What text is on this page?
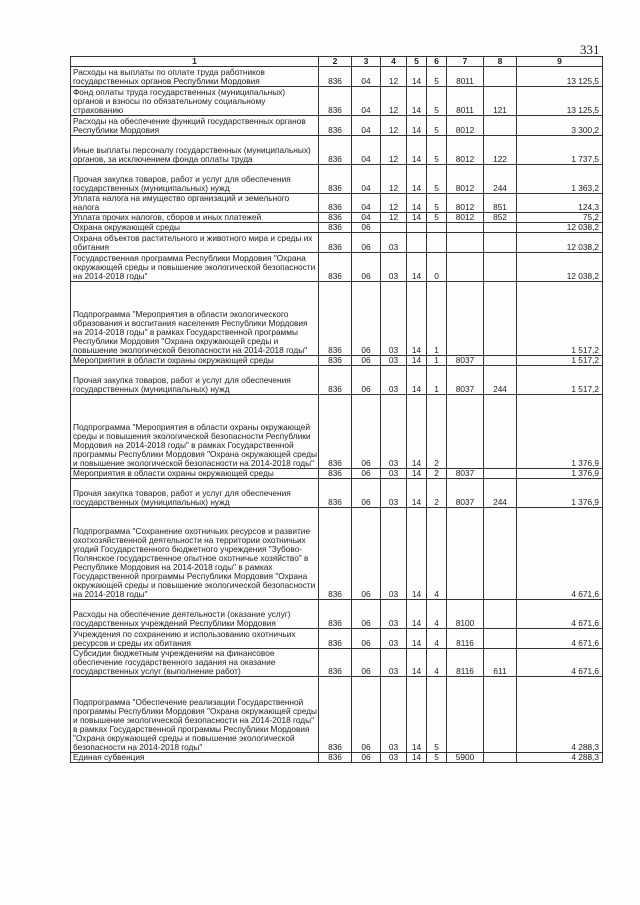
331
1	2	3	4	5	6	7	8	9
Расходы на выплаты по оплате труда работников государственных органов Республики Мордовия	836	04	12	14	5	8011		13 125,5
Фонд оплаты труда государственных (муниципальных) органов и взносы по обязательному социальному страхованию	836	04	12	14	5	8011	121	13 125,5
Расходы на обеспечение функций государственных органов Республики Мордовия	836	04	12	14	5	8012		3 300,2
Иные выплаты персоналу государственных (муниципальных) органов, за исключением фонда оплаты труда	836	04	12	14	5	8012	122	1 737,5
Прочая закупка товаров, работ и услуг для обеспечения государственных (муниципальных) нужд	836	04	12	14	5	8012	244	1 363,2
Уплата налога на имущество организаций и земельного налога	836	04	12	14	5	8012	851	124,3
Уплата прочих налогов, сборов и иных платежей	836	04	12	14	5	8012	852	75,2
Охрана окружающей среды	836	06						12 038,2
Охрана объектов растительного и животного мира и среды их обитания	836	06	03					12 038,2
Государственная программа Республики Мордовия "Охрана окружающей среды и повышение экологической безопасности на 2014-2018 годы"	836	06	03	14	0			12 038,2
Подпрограмма "Мероприятия в области экологического образования и воспитания населения Республики Мордовия на 2014-2018 годы" в рамках Государственной программы Республики Мордовия "Охрана окружающей среды и повышение экологической безопасности на 2014-2018 годы"	836	06	03	14	1			1 517,2
Мероприятия в области охраны окружающей среды	836	06	03	14	1	8037		1 517,2
Прочая закупка товаров, работ и услуг для обеспечения государственных (муниципальных) нужд	836	06	03	14	1	8037	244	1 517,2
Подпрограмма "Мероприятия в области охраны окружающей среды и повышения экологической безопасности Республики Мордовия на 2014-2018 годы" в рамках Государственной программы Республики Мордовия "Охрана окружающей среды и повышение экологической безопасности на 2014-2018 годы"	836	06	03	14	2			1 376,9
Мероприятия в области охраны окружающей среды	836	06	03	14	2	8037		1 376,9
Прочая закупка товаров, работ и услуг для обеспечения государственных (муниципальных) нужд	836	06	03	14	2	8037	244	1 376,9
Подпрограмма "Сохранение охотничьих ресурсов и развитие охотхозяйственной деятельности на территории охотничьих угодий Государственного бюджетного учреждения "Зубово-Полянское государственное опытное охотничье хозяйство" в Республике Мордовия на 2014-2018 годы" в рамках Государственной программы Республики Мордовия "Охрана окружающей среды и повышение экологической безопасности на 2014-2018 годы"	836	06	03	14	4			4 671,6
Расходы на обеспечение деятельности (оказание услуг) государственных учреждений Республики Мордовия	836	06	03	14	4	8100		4 671,6
Учреждения по сохранению и использованию охотничьих ресурсов и среды их обитания	836	06	03	14	4	8116		4 671,6
Субсидии бюджетным учреждениям на финансовое обеспечение государственного задания на оказание государственных услуг (выполнение работ)	836	06	03	14	4	8116	611	4 671,6
Подпрограмма "Обеспечение реализации Государственной программы Республики Мордовия "Охрана окружающей среды и повышение экологической безопасности на 2014-2018 годы" в рамках Государственной программы Республики Мордовия "Охрана окружающей среды и повышение экологической безопасности на 2014-2018 годы"	836	06	03	14	5			4 288,3
Единая субвенция	836	06	03	14	5	5900		4 288,3
